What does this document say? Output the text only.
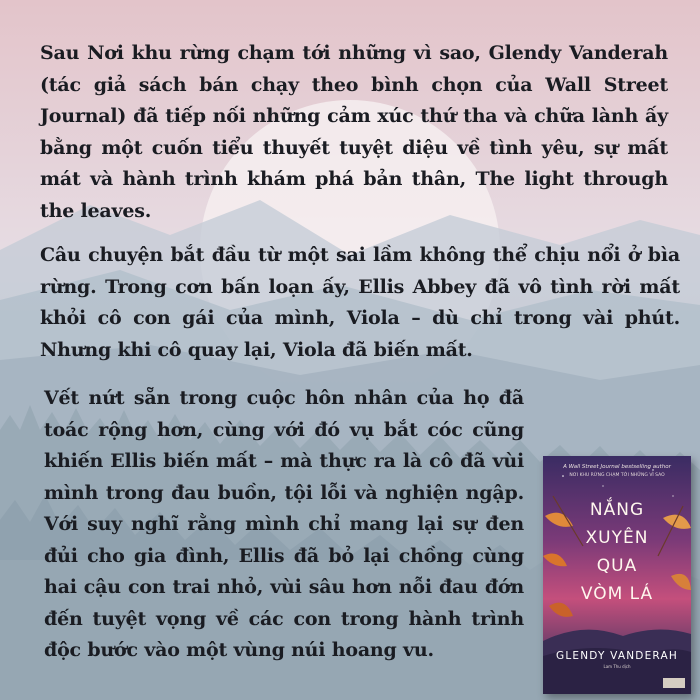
Sau Nơi khu rừng chạm tới những vì sao, Glendy Vanderah (tác giả sách bán chạy theo bình chọn của Wall Street Journal) đã tiếp nối những cảm xúc thứ tha và chữa lành ấy bằng một cuốn tiểu thuyết tuyệt diệu về tình yêu, sự mất mát và hành trình khám phá bản thân, The light through the leaves.
Câu chuyện bắt đầu từ một sai lầm không thể chịu nổi ở bìa rừng. Trong cơn bấn loạn ấy, Ellis Abbey đã vô tình rời mất khỏi cô con gái của mình, Viola – dù chỉ trong vài phút. Nhưng khi cô quay lại, Viola đã biến mất.
Vết nứt sẵn trong cuộc hôn nhân của họ đã toác rộng hơn, cùng với đó vụ bắt cóc cũng khiến Ellis biến mất – mà thực ra là cô đã vùi mình trong đau buồn, tội lỗi và nghiện ngập. Với suy nghĩ rằng mình chỉ mang lại sự đen đủi cho gia đình, Ellis đã bỏ lại chồng cùng hai cậu con trai nhỏ, vùi sâu hơn nỗi đau đớn đến tuyệt vọng về các con trong hành trình độc bước vào một vùng núi hoang vu.
A Wall Street Journal bestselling author
NƠI KHU RỪNG CHẠM TỚI NHỮNG VÌ SAO
NẮNG
XUYÊN
QUA
VÒM LÁ
GLENDY VANDERAH
Lam Thu dịch
